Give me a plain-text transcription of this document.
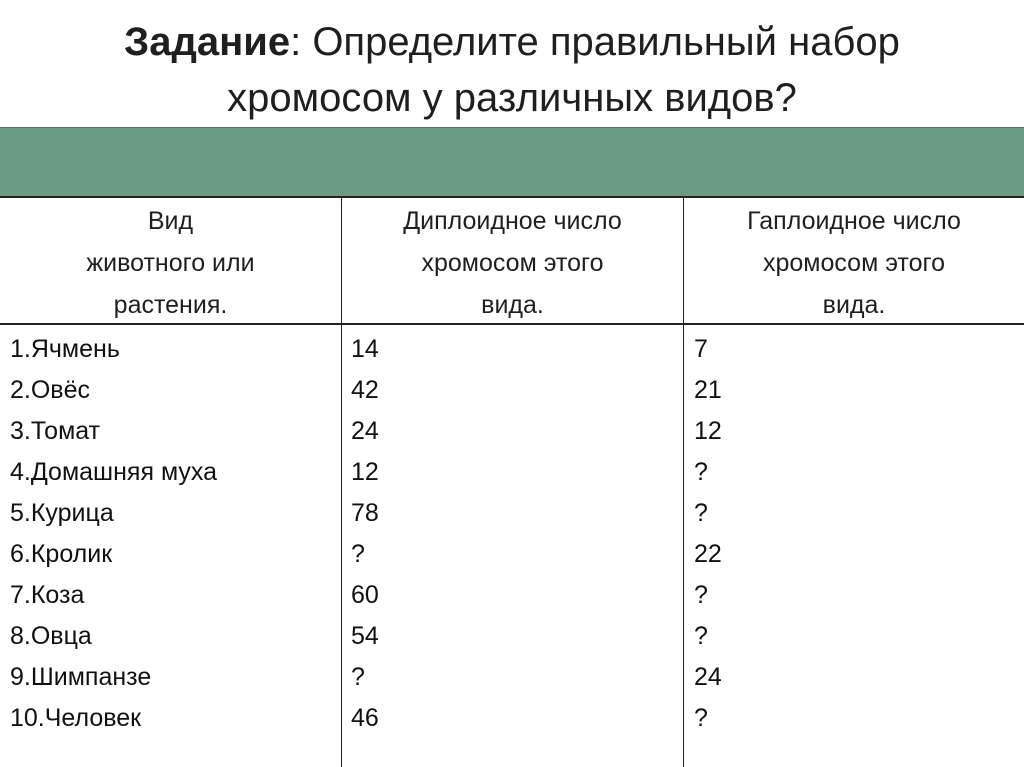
Задание: Определите правильный набор
хромосом у различных видов?
Вид
животного или
растения.
Диплоидное число
хромосом этого
вида.
Гаплоидное число
хромосом этого
вида.
1.Ячмень
2.Овёс
3.Томат
4.Домашняя муха
5.Курица
6.Кролик
7.Коза
8.Овца
9.Шимпанзе
10.Человек
14
42
24
12
78
?
60
54
?
46
7
21
12
?
?
22
?
?
24
?
